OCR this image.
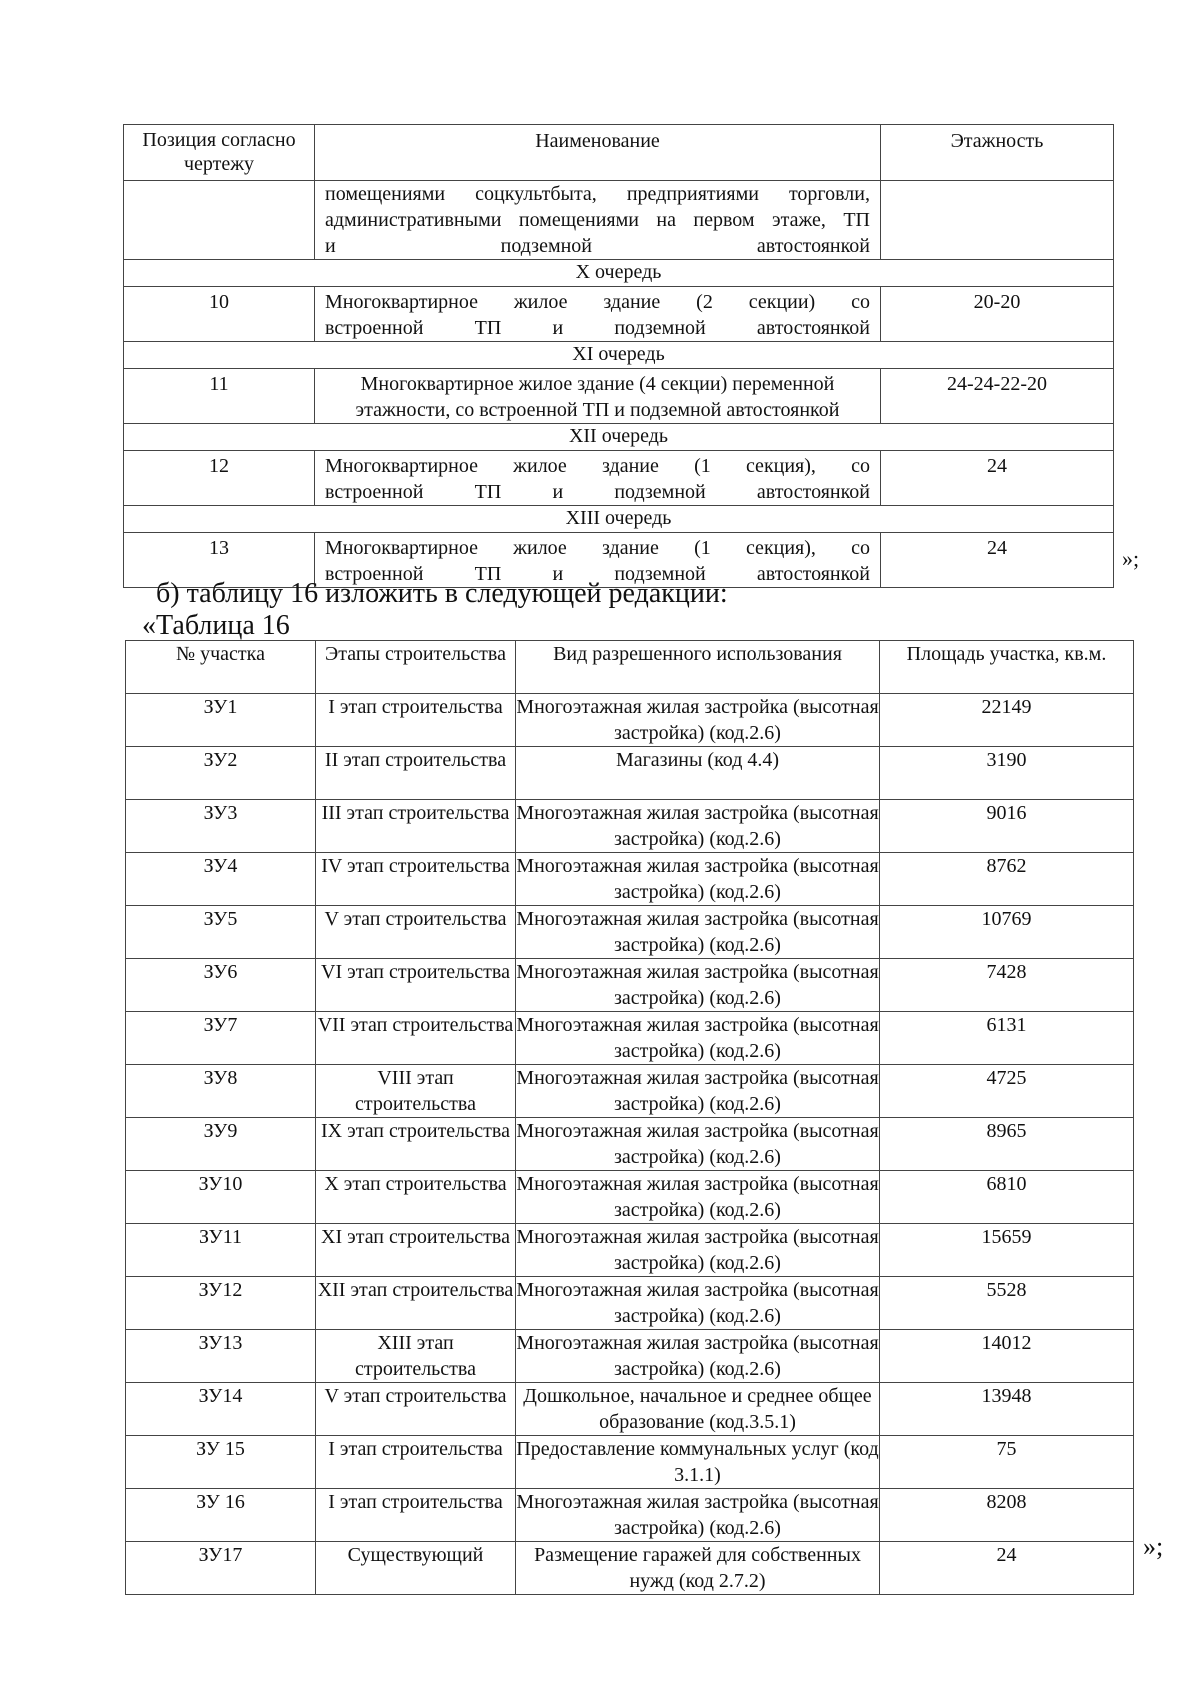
Позиция согласно чертежу	Наименование	Этажность

	помещениями соцкультбыта, предприятиями торговли,
административными помещениями на первом этаже, ТП
и подземной автостоянкой	

Х очередь		
10	Многоквартирное жилое здание (2 секции) со
встроенной ТП и подземной автостоянкой	20-20
XI очередь		
11	Многоквартирное жилое здание (4 секции) переменной
этажности, со встроенной ТП и подземной автостоянкой	24-24-22-20
XII очередь		
12	Многоквартирное жилое здание (1 секция), со
встроенной ТП и подземной автостоянкой	24
XIII очередь		
13	Многоквартирное жилое здание (1 секция), со
встроенной ТП и подземной автостоянкой	24	»;
б) таблицу 16 изложить в следующей редакции:
«Таблица 16
№ участка	Этапы строительства	Вид разрешенного использования	Площадь участка, кв.м.
ЗУ1	I этап строительства	Многоэтажная жилая застройка (высотная застройка) (код.2.6)	22149
ЗУ2	II этап строительства	Магазины (код 4.4)	3190
ЗУ3	III этап строительства	Многоэтажная жилая застройка (высотная застройка) (код.2.6)	9016
ЗУ4	IV этап строительства	Многоэтажная жилая застройка (высотная застройка) (код.2.6)	8762
ЗУ5	V этап строительства	Многоэтажная жилая застройка (высотная застройка) (код.2.6)	10769
ЗУ6	VI этап строительства	Многоэтажная жилая застройка (высотная застройка) (код.2.6)	7428
ЗУ7	VII этап строительства	Многоэтажная жилая застройка (высотная застройка) (код.2.6)	6131
ЗУ8	VIII этап строительства	Многоэтажная жилая застройка (высотная застройка) (код.2.6)	4725
ЗУ9	IX этап строительства	Многоэтажная жилая застройка (высотная застройка) (код.2.6)	8965
ЗУ10	Х этап строительства	Многоэтажная жилая застройка (высотная застройка) (код.2.6)	6810
ЗУ11	XI этап строительства	Многоэтажная жилая застройка (высотная застройка) (код.2.6)	15659
ЗУ12	XII этап строительства	Многоэтажная жилая застройка (высотная застройка) (код.2.6)	5528
ЗУ13	XIII этап строительства	Многоэтажная жилая застройка (высотная застройка) (код.2.6)	14012
ЗУ14	V этап строительства	Дошкольное, начальное и среднее общее образование (код.3.5.1)	13948
ЗУ 15	I этап строительства	Предоставление коммунальных услуг (код 3.1.1)	75
ЗУ 16	I этап строительства	Многоэтажная жилая застройка (высотная застройка) (код.2.6)	8208
ЗУ17	Существующий	Размещение гаражей для собственных нужд (код 2.7.2)	24	»;
